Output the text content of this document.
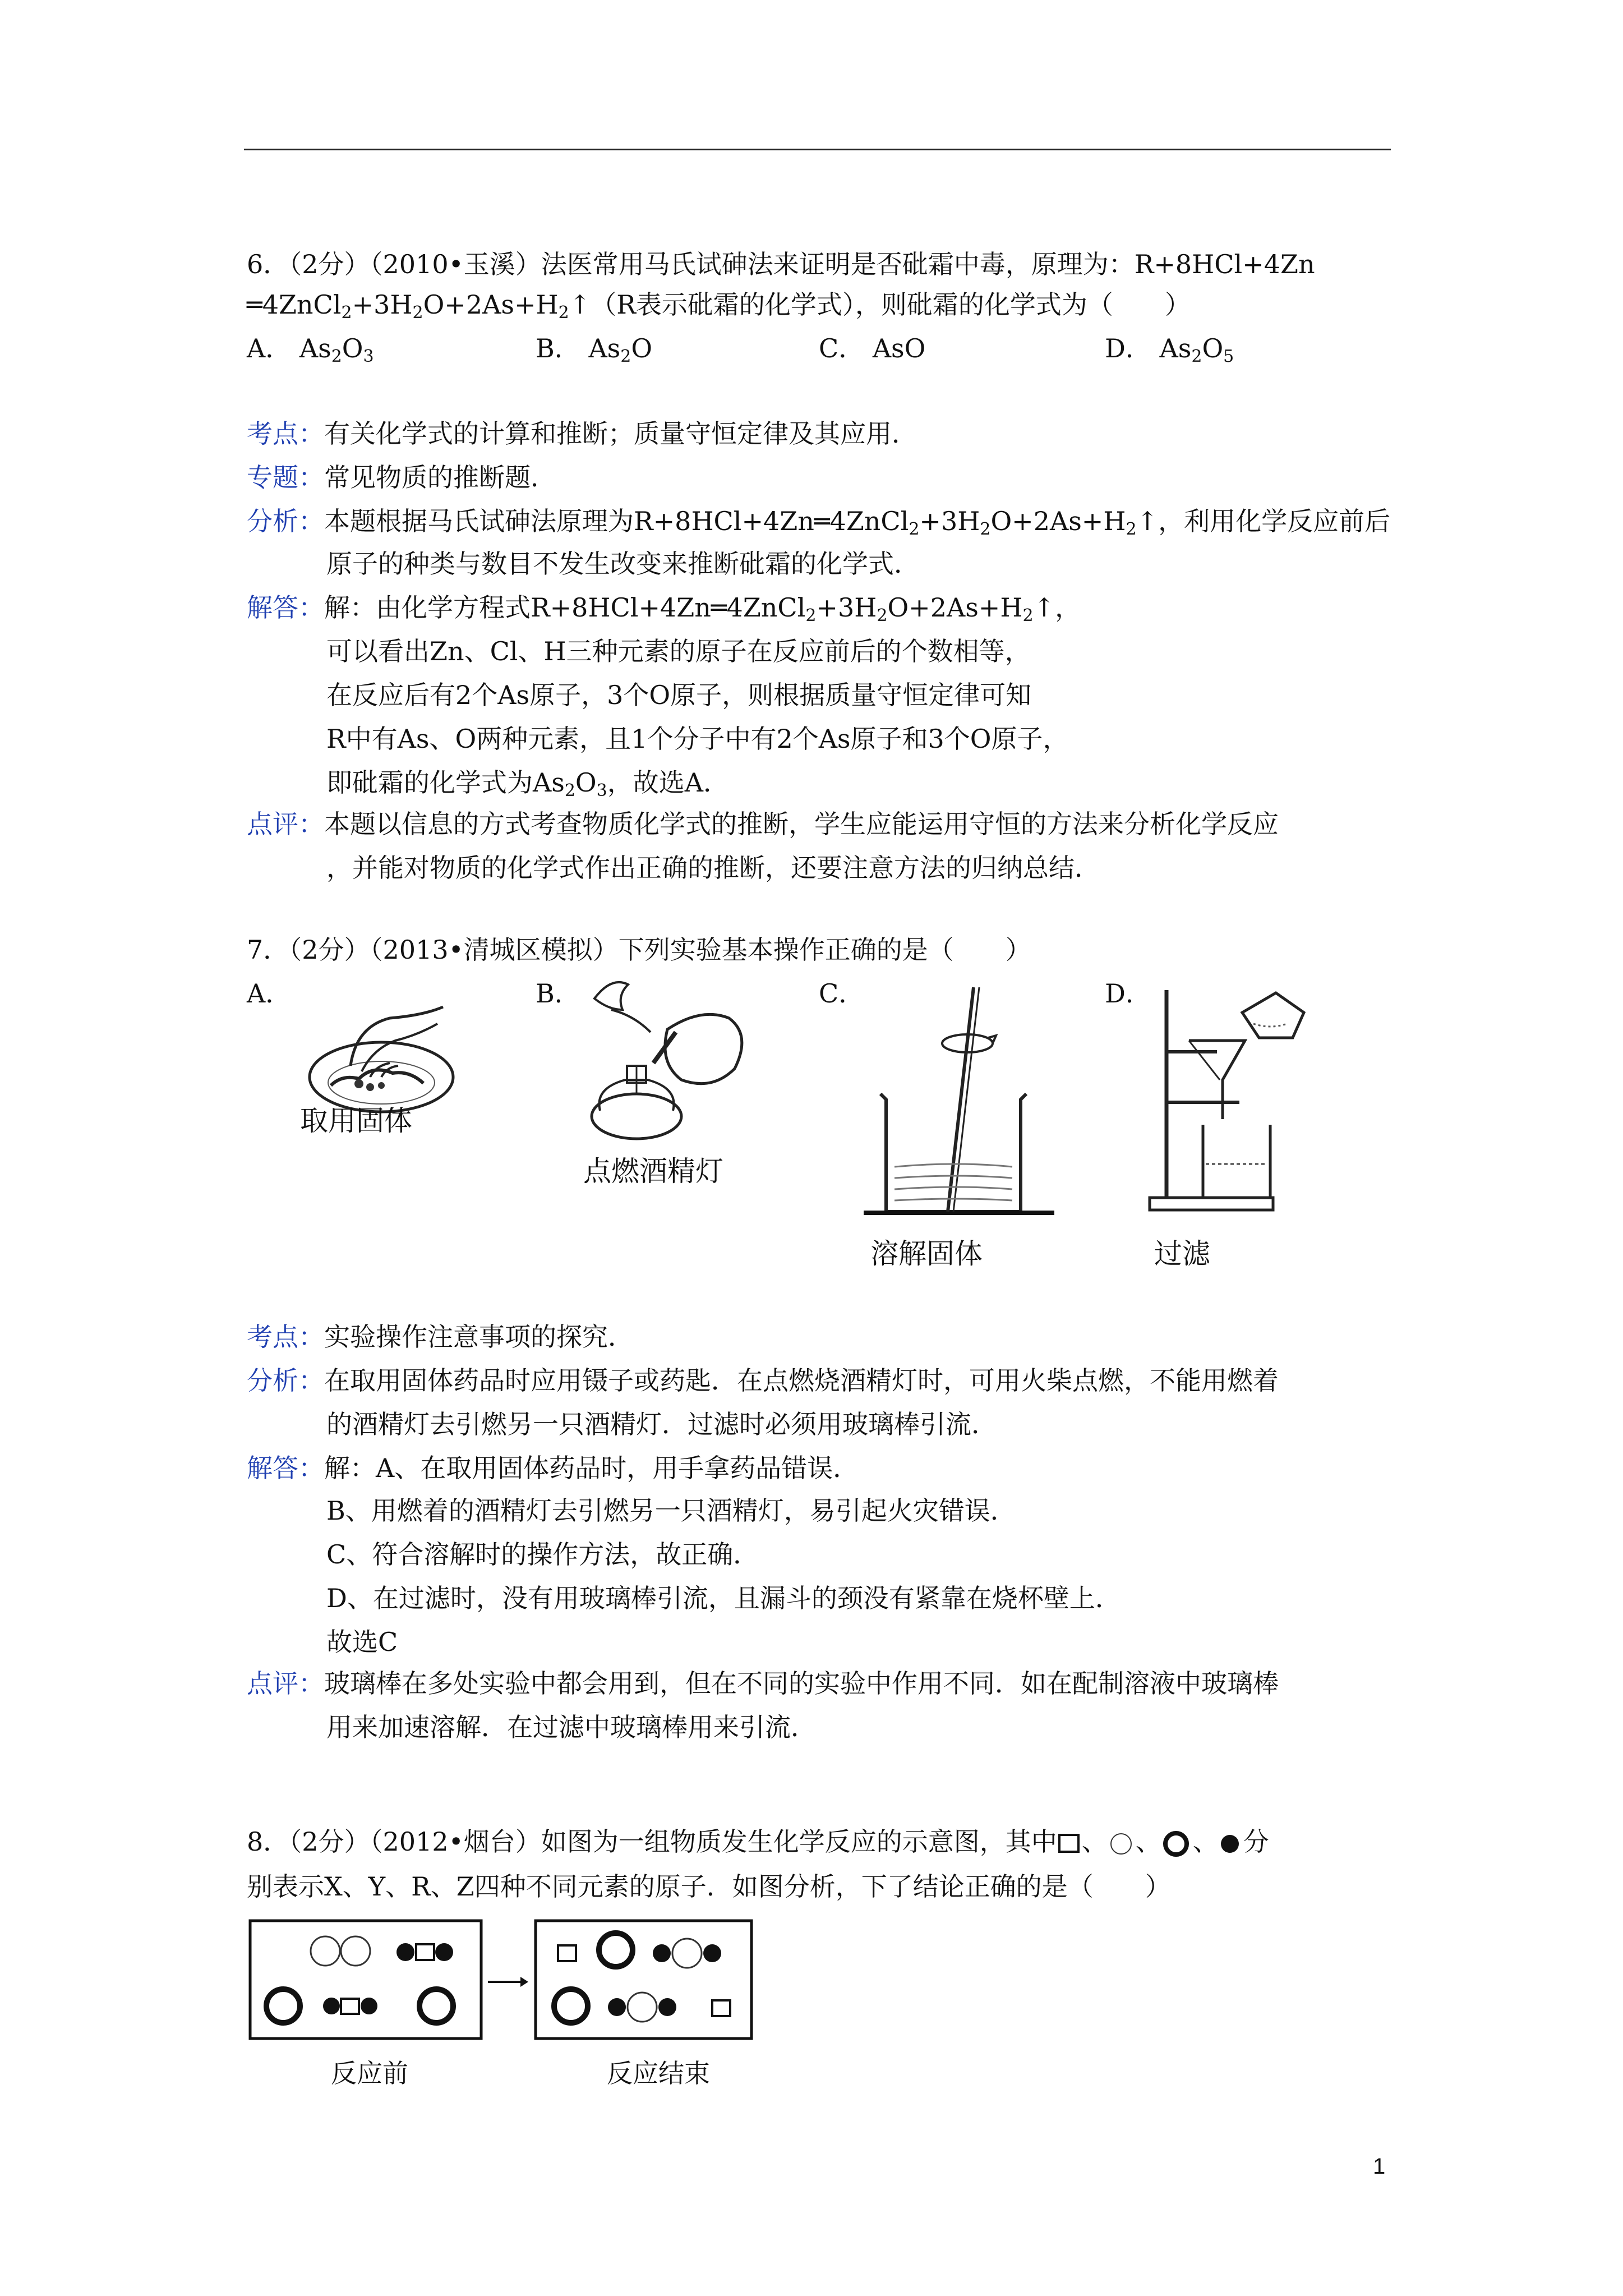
6．（2分）（2010•玉溪）法医常用马氏试砷法来证明是否砒霜中毒，原理为：R+8HCl+4Zn
$═4ZnCl_2+3H_2O+2As+H_2↑(R$表示砒霜的化学式），则砒霜的化学式为（　　）
A． $As_2O_3$	B． $As_2O$	C． AsO	D． $As_2O_5$
考点：有关化学式的计算和推断；质量守恒定律及其应用．
专题：常见物质的推断题．
分析：本题根据马氏试砷法原理为$R+8HCl+4Zn═4ZnCl_2+3H_2O+2As+H_2↑$，利用化学反应前后
原子的种类与数目不发生改变来推断砒霜的化学式．
解答：解：由化学方程式$R+8HCl+4Zn═4ZnCl_2+3H_2O+2As+H_2↑$，
可以看出Zn、Cl、H三种元素的原子在反应前后的个数相等，
在反应后有2个As原子，3个O原子，则根据质量守恒定律可知
R中有As、O两种元素，且1个分子中有2个As原子和3个O原子，
即砒霜的化学式为$As_2O_3$，故选A．
点评：本题以信息的方式考查物质化学式的推断，学生应能运用守恒的方法来分析化学反应
，并能对物质的化学式作出正确的推断，还要注意方法的归纳总结．
7．（2分）（2013•清城区模拟）下列实验基本操作正确的是（　　）
A．	B．	C．	D．
取用固体
点燃酒精灯
溶解固体	过滤
考点：实验操作注意事项的探究．
分析：在取用固体药品时应用镊子或药匙．在点燃烧酒精灯时，可用火柴点燃，不能用燃着
的酒精灯去引燃另一只酒精灯．过滤时必须用玻璃棒引流．
解答：解：A、在取用固体药品时，用手拿药品错误．
B、用燃着的酒精灯去引燃另一只酒精灯，易引起火灾错误．
C、符合溶解时的操作方法，故正确．
D、在过滤时，没有用玻璃棒引流，且漏斗的颈没有紧靠在烧杯壁上．
故选C
点评：玻璃棒在多处实验中都会用到，但在不同的实验中作用不同．如在配制溶液中玻璃棒
用来加速溶解．在过滤中玻璃棒用来引流．
8．（2分）（2012•烟台）如图为一组物质发生化学反应的示意图，其中 、 、 、 分
别表示X、Y、R、Z四种不同元素的原子．如图分析，下了结论正确的是（　　）
反应前	反应结束
1
